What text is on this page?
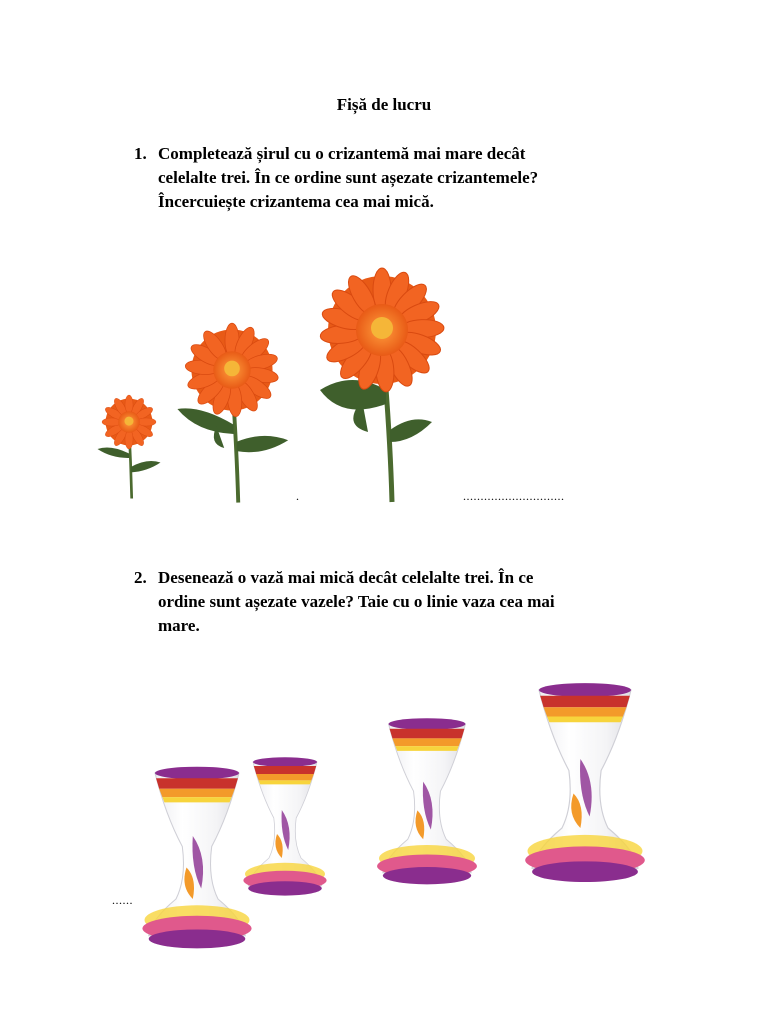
Fișă de lucru
1. Completează șirul cu o crizantemă mai mare decât
celelalte trei. În ce ordine sunt așezate crizantemele?
Încercuiește crizantema cea mai mică.
.	.............................
2. Desenează o vază mai mică decât celelalte trei. În ce
ordine sunt așezate vazele? Taie cu o linie vaza cea mai
mare.
......
